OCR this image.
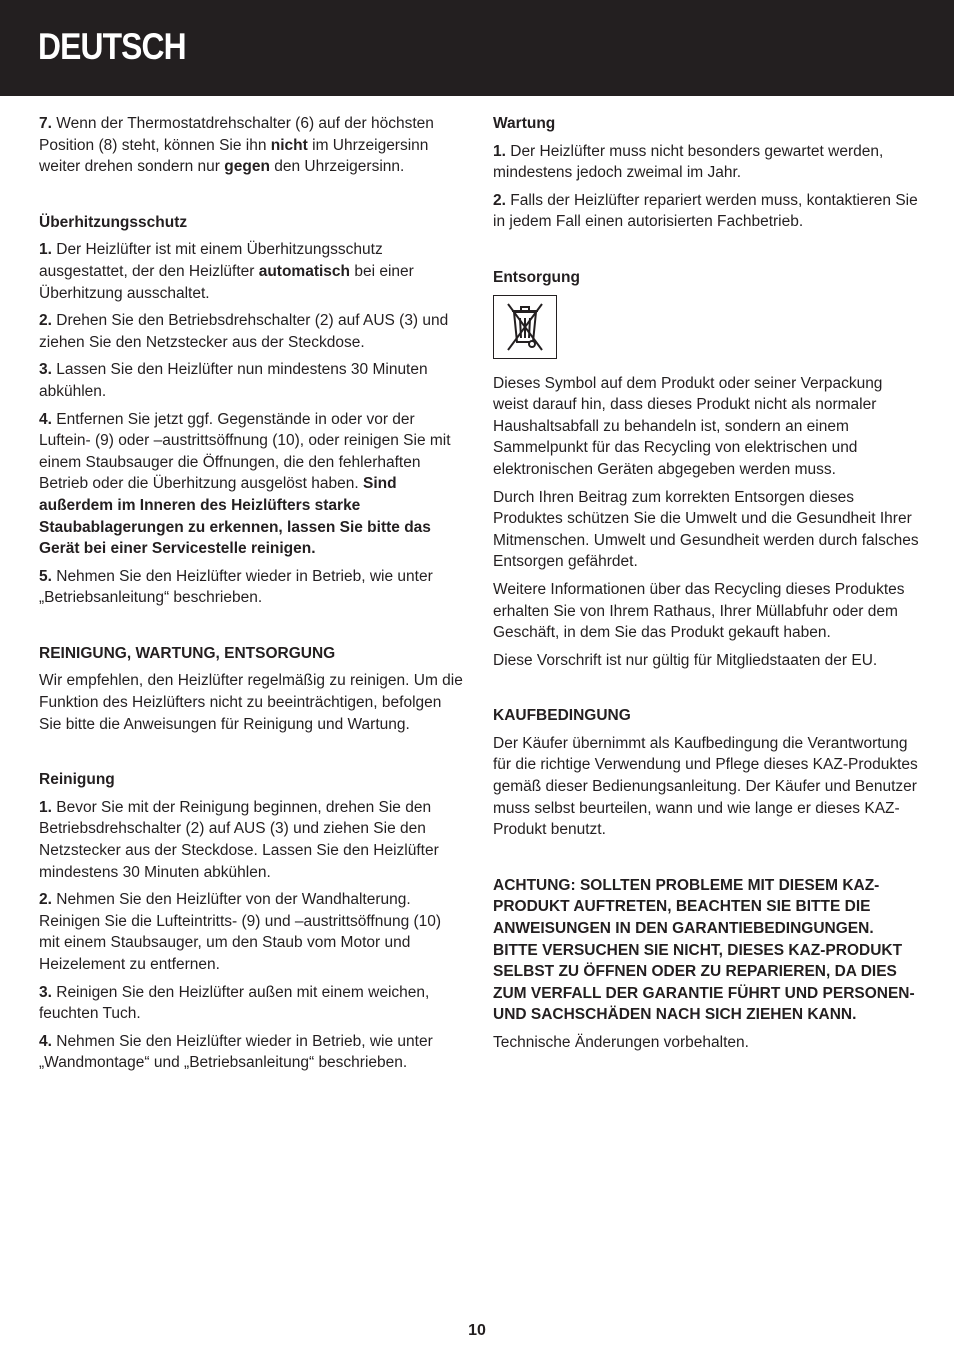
DEUTSCH

7. Wenn der Thermostatdrehschalter (6) auf der höchsten Position (8) steht, können Sie ihn nicht im Uhrzeigersinn weiter drehen sondern nur gegen den Uhrzeigersinn.

Überhitzungsschutz

1. Der Heizlüfter ist mit einem Überhitzungsschutz ausgestattet, der den Heizlüfter automatisch bei einer Überhitzung ausschaltet.

2. Drehen Sie den Betriebsdrehschalter (2) auf AUS (3) und ziehen Sie den Netzstecker aus der Steckdose.

3. Lassen Sie den Heizlüfter nun mindestens 30 Minuten abkühlen.

4. Entfernen Sie jetzt ggf. Gegenstände in oder vor der Luftein- (9) oder –austrittsöffnung (10), oder reinigen Sie mit einem Staubsauger die Öffnungen, die den fehlerhaften Betrieb oder die Überhitzung ausgelöst haben. Sind außerdem im Inneren des Heizlüfters starke Staubablagerungen zu erkennen, lassen Sie bitte das Gerät bei einer Servicestelle reinigen.

5. Nehmen Sie den Heizlüfter wieder in Betrieb, wie unter „Betriebsanleitung“ beschrieben.

REINIGUNG, WARTUNG, ENTSORGUNG

Wir empfehlen, den Heizlüfter regelmäßig zu reinigen. Um die Funktion des Heizlüfters nicht zu beeinträchtigen, befolgen Sie bitte die Anweisungen für Reinigung und Wartung.

Reinigung

1. Bevor Sie mit der Reinigung beginnen, drehen Sie den Betriebsdrehschalter (2) auf AUS (3) und ziehen Sie den Netzstecker aus der Steckdose. Lassen Sie den Heizlüfter mindestens 30 Minuten abkühlen.

2. Nehmen Sie den Heizlüfter von der Wandhalterung. Reinigen Sie die Lufteintritts- (9) und –austrittsöffnung (10) mit einem Staubsauger, um den Staub vom Motor und Heizelement zu entfernen.

3. Reinigen Sie den Heizlüfter außen mit einem weichen, feuchten Tuch.

4. Nehmen Sie den Heizlüfter wieder in Betrieb, wie unter „Wandmontage“ und „Betriebsanleitung“ beschrieben.

Wartung

1. Der Heizlüfter muss nicht besonders gewartet werden, mindestens jedoch zweimal im Jahr.

2. Falls der Heizlüfter repariert werden muss, kontaktieren Sie in jedem Fall einen autorisierten Fachbetrieb.

Entsorgung

Dieses Symbol auf dem Produkt oder seiner Verpackung weist darauf hin, dass dieses Produkt nicht als normaler Haushaltsabfall zu behandeln ist, sondern an einem Sammelpunkt für das Recycling von elektrischen und elektronischen Geräten abgegeben werden muss.

Durch Ihren Beitrag zum korrekten Entsorgen dieses Produktes schützen Sie die Umwelt und die Gesundheit Ihrer Mitmenschen. Umwelt und Gesundheit werden durch falsches Entsorgen gefährdet.

Weitere Informationen über das Recycling dieses Produktes erhalten Sie von Ihrem Rathaus, Ihrer Müllabfuhr oder dem Geschäft, in dem Sie das Produkt gekauft haben.

Diese Vorschrift ist nur gültig für Mitgliedstaaten der EU.

KAUFBEDINGUNG

Der Käufer übernimmt als Kaufbedingung die Verantwortung für die richtige Verwendung und Pflege dieses KAZ-Produktes gemäß dieser Bedienungsanleitung. Der Käufer und Benutzer muss selbst beurteilen, wann und wie lange er dieses KAZ-Produkt benutzt.

ACHTUNG: SOLLTEN PROBLEME MIT DIESEM KAZ-PRODUKT AUFTRETEN, BEACHTEN SIE BITTE DIE ANWEISUNGEN IN DEN GARANTIEBEDINGUNGEN. BITTE VERSUCHEN SIE NICHT, DIESES KAZ-PRODUKT SELBST ZU ÖFFNEN ODER ZU REPARIEREN, DA DIES ZUM VERFALL DER GARANTIE FÜHRT UND PERSONEN- UND SACHSCHÄDEN NACH SICH ZIEHEN KANN.

Technische Änderungen vorbehalten.

10
